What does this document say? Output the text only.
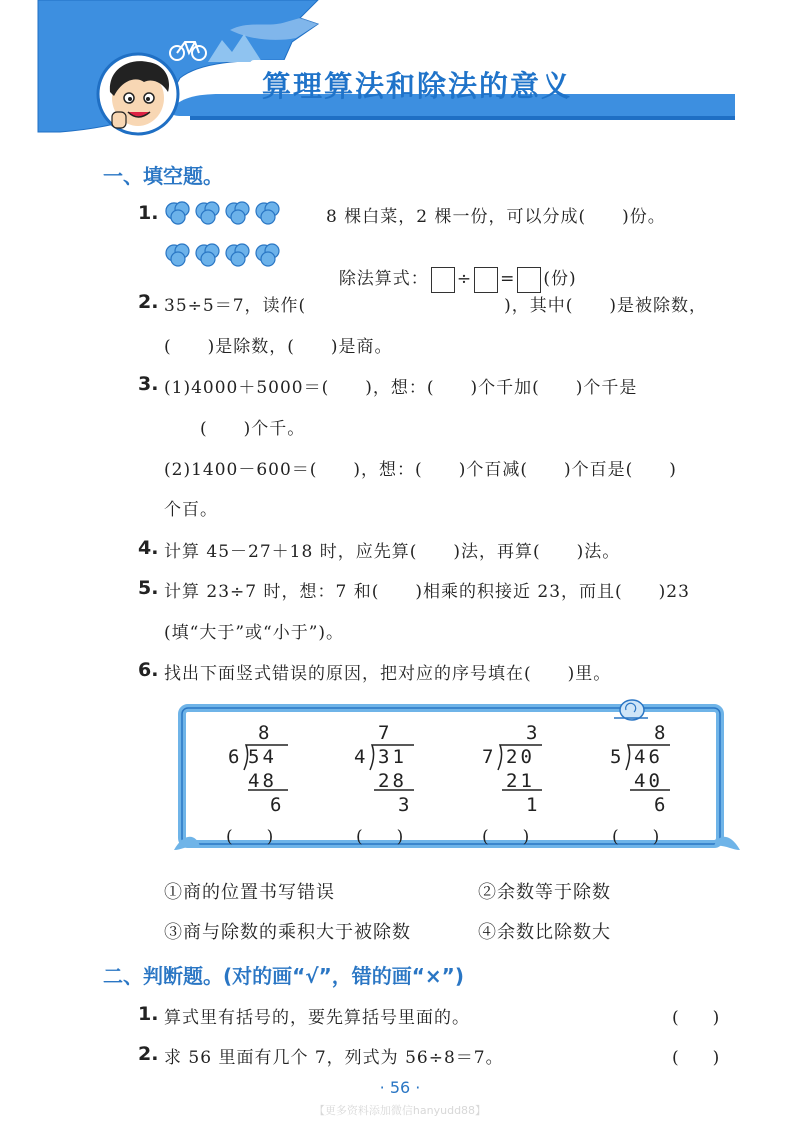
算理算法和除法的意义
一、填空题。
1.	8 棵白菜，2 棵一份，可以分成(　　)份。

除法算式： ÷ = (份)

2. 35÷5＝7，读作(　　　　　　　　　　　)，其中(　　)是被除数，
(　　)是除数，(　　)是商。
3. (1)4000＋5000＝(　　)，想：(　　)个千加(　　)个千是
(　　)个千。
(2)1400－600＝(　　)，想：(　　)个百减(　　)个百是(　　)
个百。
4. 计算 45－27＋18 时，应先算(　　)法，再算(　　)法。
5. 计算 23÷7 时，想：7 和(　　)相乘的积接近 23，而且(　　)23
(填“大于”或“小于”)。
6. 找出下面竖式错误的原因，把对应的序号填在(　　)里。
8
6 54
48
6
(　　)
7
4 31
28
3
(　　)
3
7 20
21
1
(　　)
8
5 46
40
6
(　　)
①商的位置书写错误	②余数等于除数
③商与除数的乘积大于被除数	④余数比除数大
二、判断题。(对的画“√”，错的画“×”)
1. 算式里有括号的，要先算括号里面的。	(　　)
2. 求 56 里面有几个 7，列式为 56÷8＝7。	(　　)
· 56 ·
【更多资料添加微信hanyudd88】
